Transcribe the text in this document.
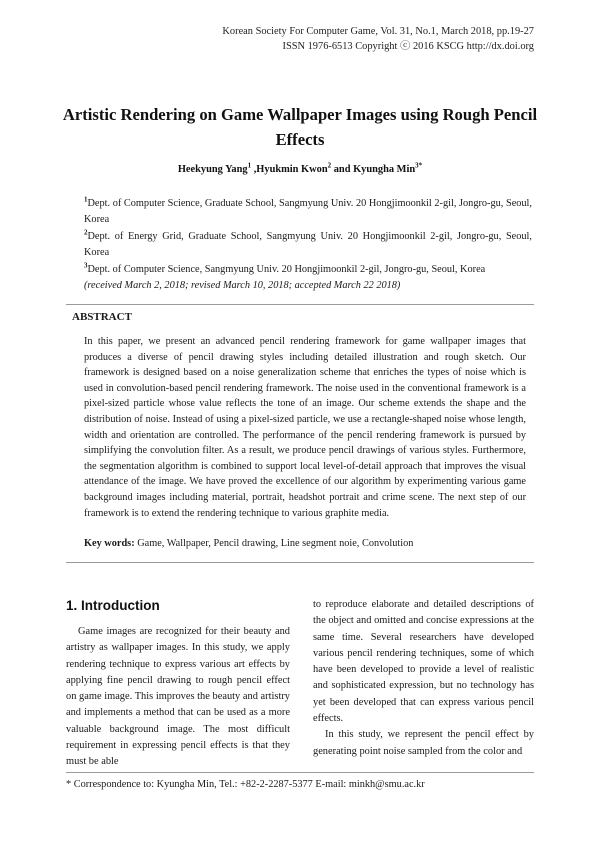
Korean Society For Computer Game, Vol. 31, No.1, March 2018, pp.19-27
ISSN 1976-6513 Copyright ⓒ 2016 KSCG http://dx.doi.org
Artistic Rendering on Game Wallpaper Images using Rough Pencil Effects
Heekyung Yang$^1$ ,Hyukmin Kwon$^2$ and Kyungha Min$^{3*}$
$^1$Dept. of Computer Science, Graduate School, Sangmyung Univ. 20 Hongjimoonkil 2-gil, Jongro-gu, Seoul, Korea
$^2$Dept. of Energy Grid, Graduate School, Sangmyung Univ. 20 Hongjimoonkil 2-gil, Jongro-gu, Seoul, Korea
$^3$Dept. of Computer Science, Sangmyung Univ. 20 Hongjimoonkil 2-gil, Jongro-gu, Seoul, Korea
(received March 2, 2018; revised March 10, 2018; accepted March 22 2018)
ABSTRACT
In this paper, we present an advanced pencil rendering framework for game wallpaper images that produces a diverse of pencil drawing styles including detailed illustration and rough sketch. Our framework is designed based on a noise generalization scheme that enriches the types of noise which is used in convolution-based pencil rendering framework. The noise used in the conventional framework is a pixel-sized particle whose value reflects the tone of an image. Our scheme extends the shape and the distribution of noise. Instead of using a pixel-sized particle, we use a rectangle-shaped noise whose length, width and orientation are controlled. The performance of the pencil rendering framework is pursued by simplifying the convolution filter. As a result, we produce pencil drawings of various styles. Furthermore, the segmentation algorithm is combined to support local level-of-detail approach that improves the visual attendance of the image. We have proved the excellence of our algorithm by experimenting various game background images including material, portrait, headshot portrait and crime scene. The next step of our framework is to extend the rendering technique to various graphite media.
Key words: Game, Wallpaper, Pencil drawing, Line segment noie, Convolution
1. Introduction

Game images are recognized for their beauty and artistry as wallpaper images. In this study, we apply rendering technique to express various art effects by applying fine pencil drawing to rough pencil effect on game image. This improves the beauty and artistry and implements a method that can be used as a more valuable background image. The most difficult requirement in expressing pencil effects is that they must be able

to reproduce elaborate and detailed descriptions of the object and omitted and concise expressions at the same time. Several researchers have developed various pencil rendering techniques, some of which have been developed to provide a level of realistic and sophisticated expression, but no technology has yet been developed that can express various pencil effects.

In this study, we represent the pencil effect by generating point noise sampled from the color and

* Correspondence to: Kyungha Min, Tel.: +82-2-2287-5377 E-mail: minkh@smu.ac.kr
